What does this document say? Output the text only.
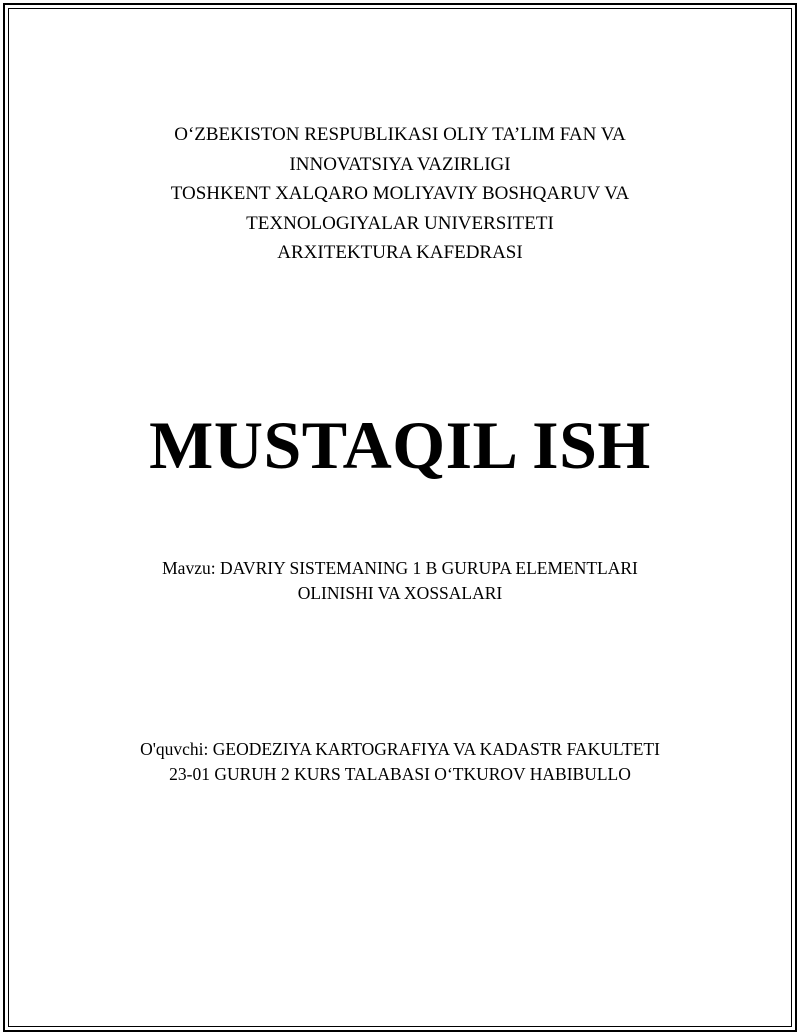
O‘ZBEKISTON RESPUBLIKASI OLIY TA’LIM FAN VA
INNOVATSIYA VAZIRLIGI
TOSHKENT XALQARO MOLIYAVIY BOSHQARUV VA
TEXNOLOGIYALAR UNIVERSITETI
ARXITEKTURA KAFEDRASI
MUSTAQIL ISH
Mavzu: DAVRIY SISTEMANING 1 B GURUPA ELEMENTLARI
OLINISHI VA XOSSALARI
O'quvchi: GEODEZIYA KARTOGRAFIYA VA KADASTR FAKULTETI
23-01 GURUH 2 KURS TALABASI O‘TKUROV HABIBULLO
